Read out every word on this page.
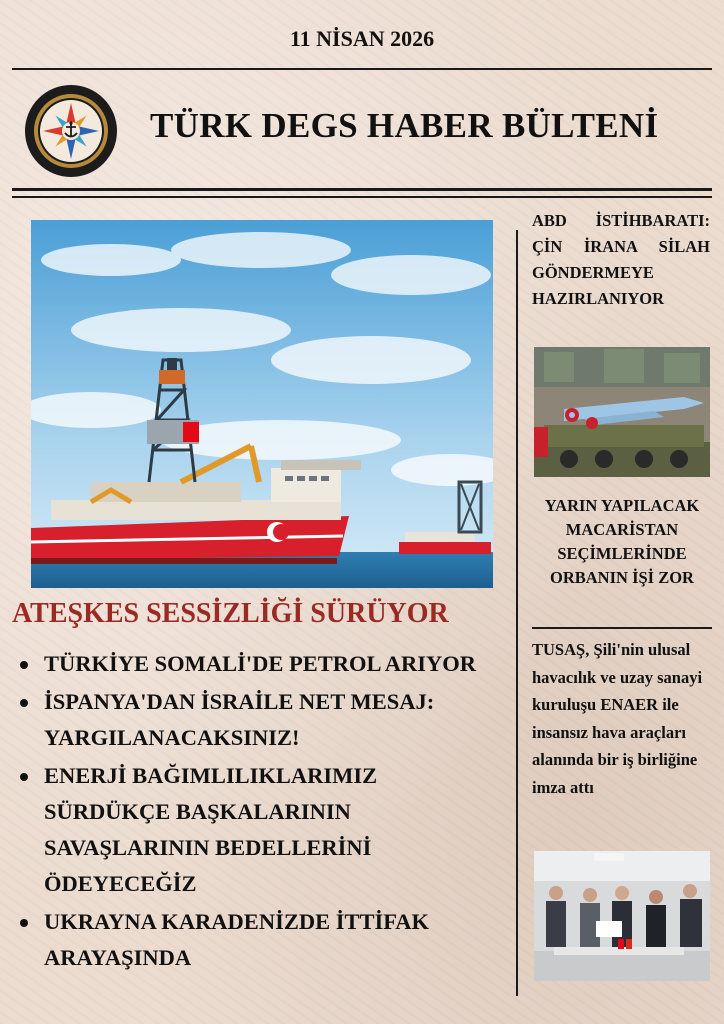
11 NİSAN 2026
TÜRK DEGS HABER BÜLTENİ
ATEŞKES SESSİZLİĞİ SÜRÜYOR
TÜRKİYE SOMALİ'DE PETROL ARIYOR
İSPANYA'DAN İSRAİLE NET MESAJ: YARGILANACAKSINIZ!
ENERJİ BAĞIMLILIKLARIMIZ SÜRDÜKÇE BAŞKALARININ SAVAŞLARININ BEDELLERİNİ ÖDEYECEĞİZ
UKRAYNA KARADENİZDE İTTİFAK ARAYAŞINDA
ABD İSTİHBARATI:
ÇİN İRANA SİLAH
GÖNDERMEYE
HAZIRLANIYOR
YARIN YAPILACAK MACARİSTAN SEÇİMLERİNDE ORBANIN İŞİ ZOR
TUSAŞ, Şili'nin ulusal havacılık ve uzay sanayi kuruluşu ENAER ile insansız hava araçları alanında bir iş birliğine imza attı
